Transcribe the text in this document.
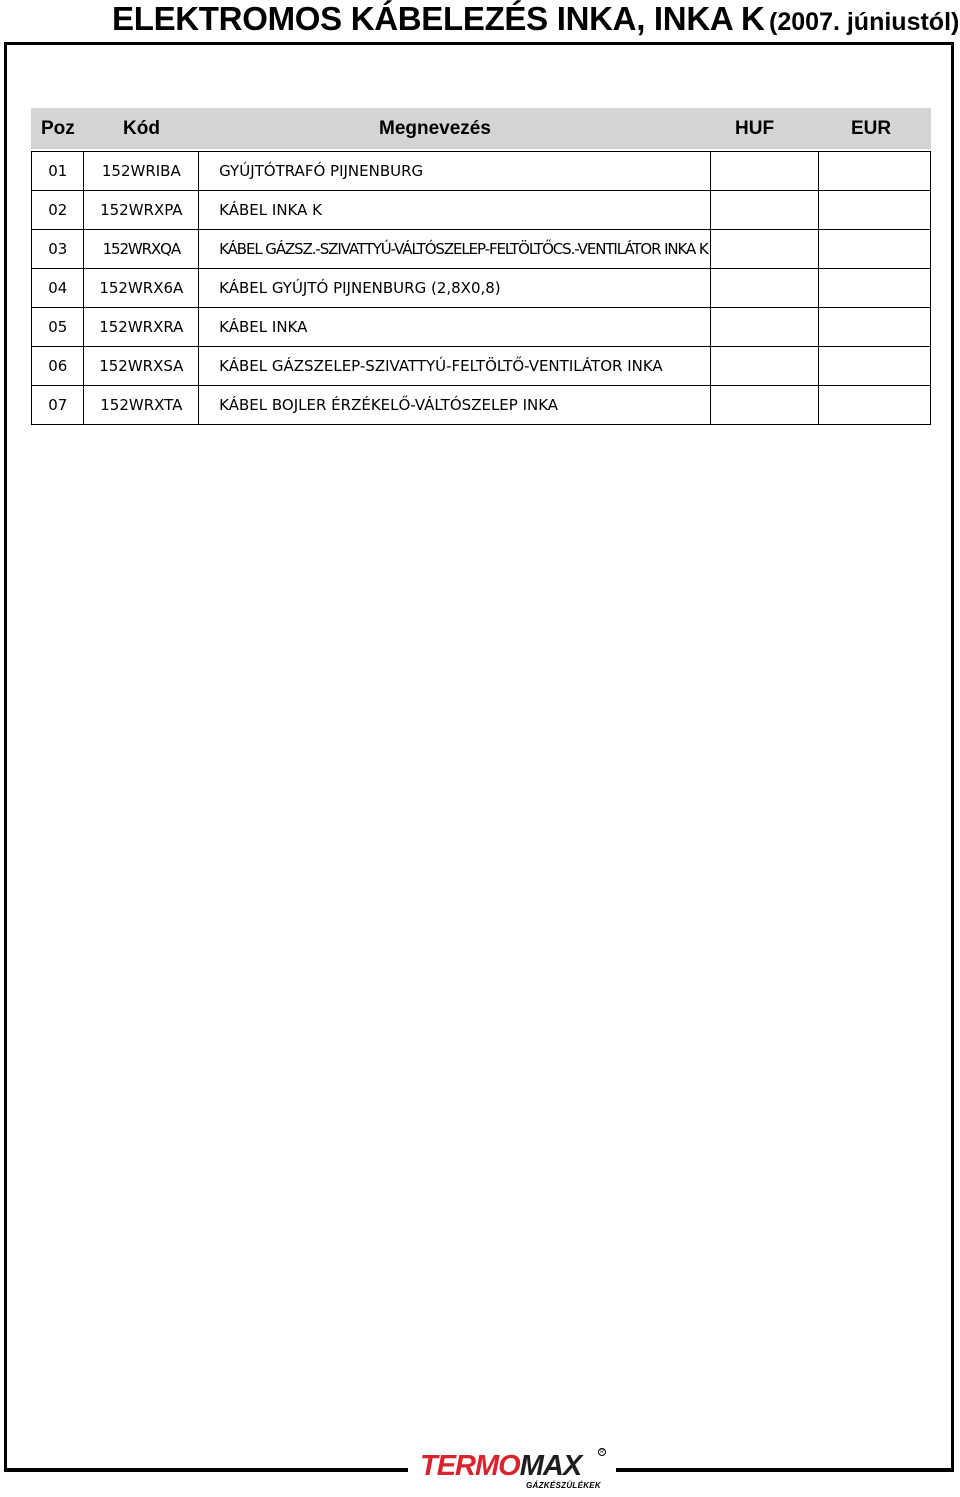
ELEKTROMOS KÁBELEZÉS INKA, INKA K (2007. júniustól)
Poz	Kód	Megnevezés	HUF	EUR
01	152WRIBA	GYÚJTÓTRAFÓ PIJNENBURG		
02	152WRXPA	KÁBEL INKA K		
03	152WRXQA	KÁBEL GÁZSZ.-SZIVATTYÚ-VÁLTÓSZELEP-FELTÖLTŐCS.-VENTILÁTOR INKA K		
04	152WRX6A	KÁBEL GYÚJTÓ PIJNENBURG (2,8X0,8)		
05	152WRXRA	KÁBEL INKA		
06	152WRXSA	KÁBEL GÁZSZELEP-SZIVATTYÚ-FELTÖLTŐ-VENTILÁTOR INKA		
07	152WRXTA	KÁBEL BOJLER ÉRZÉKELŐ-VÁLTÓSZELEP INKA		
TERMOMAX	R
GÁZKÉSZÜLÉKEK
